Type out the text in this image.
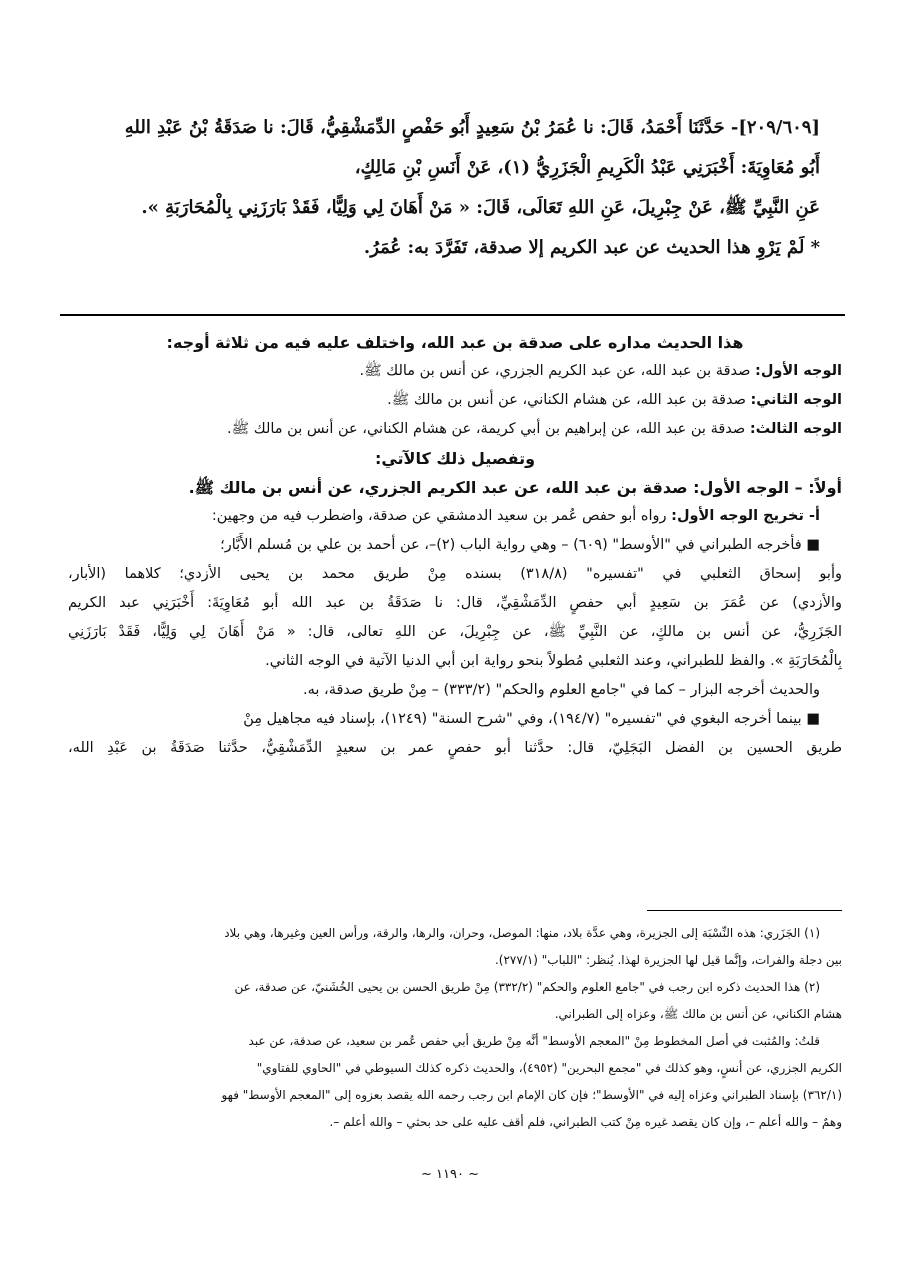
[٢٠٩/٦٠٩]- حَدَّثَنَا أَحْمَدُ، قَالَ: نا عُمَرُ بْنُ سَعِيدٍ أَبُو حَفْصٍ الدِّمَشْقِيُّ، قَالَ: نا صَدَقَةُ بْنُ عَبْدِ اللهِ

أَبُو مُعَاوِيَةَ: أَخْبَرَنِي عَبْدُ الْكَرِيمِ الْجَزَرِيُّ (١)، عَنْ أَنَسِ بْنِ مَالِكٍ،

عَنِ النَّبِيِّ ﷺ، عَنْ جِبْرِيلَ، عَنِ اللهِ تَعَالَى، قَالَ: « مَنْ أَهَانَ لِي وَلِيًّا، فَقَدْ بَارَزَنِي بِالْمُحَارَبَةِ ».

* لَمْ يَرْوِ هذا الحديث عن عبد الكريم إلا صدقة، تَفَرَّدَ به: عُمَرُ.

هذا الحديث مداره على صدقة بن عبد الله، واختلف عليه فيه من ثلاثة أوجه:

الوجه الأول: صدقة بن عبد الله، عن عبد الكريم الجزري، عن أنس بن مالك ﷺ.

الوجه الثاني: صدقة بن عبد الله، عن هشام الكناني، عن أنس بن مالك ﷺ.

الوجه الثالث: صدقة بن عبد الله، عن إبراهيم بن أبي كريمة، عن هشام الكناني، عن أنس بن مالك ﷺ.

وتفصيل ذلك كالآتي:

أولاً: – الوجه الأول: صدقة بن عبد الله، عن عبد الكريم الجزري، عن أنس بن مالك ﷺ.

أ- تخريج الوجه الأول: رواه أبو حفص عُمر بن سعيد الدمشقي عن صدقة، واضطرب فيه من وجهين:

■ فأخرجه الطبراني في "الأوسط" (٦٠٩) – وهي رواية الباب (٢)–، عن أحمد بن علي بن مُسلم الأَبَّار؛

وأبو إسحاق الثعلبي في "تفسيره" (٣١٨/٨) بسنده مِنْ طريق محمد بن يحيى الأزدي؛ كلاهما (الأبار،

والأزدي) عن عُمَرَ بن سَعِيدٍ أبي حفصٍ الدِّمَشْقِيِّ، قال: نا صَدَقَةُ بن عبد الله أبو مُعَاوِيَةَ: أَخْبَرَنِي عبد الكريم

الجَزَرِيُّ، عن أنس بن مالكٍ، عن النَّبِيِّ ﷺ، عن جِبْرِيلَ، عن اللهِ تعالى، قال: « مَنْ أَهَانَ لِي وَلِيًّا، فَقَدْ بَارَزَنِي

بِالْمُحَارَبَةِ ». والفظ للطبراني، وعند الثعلبي مُطولاً بنحو رواية ابن أبي الدنيا الآتية في الوجه الثاني.

والحديث أخرجه البزار – كما في "جامع العلوم والحكم" (٣٣٣/٢) – مِنْ طريق صدقة، به.

■ بينما أخرجه البغوي في "تفسيره" (١٩٤/٧)، وفي "شرح السنة" (١٢٤٩)، بإسناد فيه مجاهيل مِنْ

طريق الحسين بن الفضل البَجَلِيّ، قال: حدَّثنا أبو حفصٍ عمر بن سعيدٍ الدِّمَشْقِيُّ، حدَّثنا صَدَقَةُ بن عَبْدِ الله،

(١) الجَزَري: هذه النِّسْبَة إلى الجزيرة، وهي عدَّة بلاد، منها: الموصل، وحران، والرها، والرقة، ورأس العين وغيرها، وهي بلاد

بين دجلة والفرات، وإنَّما قيل لها الجزيرة لهذا. يُنظر: "اللباب" (٢٧٧/١).

(٢) هذا الحديث ذكره ابن رجب في "جامع العلوم والحكم" (٣٣٢/٢) مِنْ طريق الحسن بن يحيى الخُشَنيّ، عن صدقة، عن

هشام الكناني، عن أنس بن مالك ﷺ، وعزاه إلى الطبراني.

قلتُ: والمُثبت في أصل المخطوط مِنْ "المعجم الأوسط" أنَّه مِنْ طريق أبي حفص عُمر بن سعيد، عن صدقة، عن عبد

الكريم الجزري، عن أنسٍ، وهو كذلك في "مجمع البحرين" (٤٩٥٢)، والحديث ذكره كذلك السيوطي في "الحاوي للفتاوي"

(٣٦٢/١) بإسناد الطبراني وعزاه إليه في "الأوسط"؛ فإن كان الإمام ابن رجب رحمه الله يقصد بعزوه إلى "المعجم الأوسط" فهو

وهمٌ – والله أعلم –، وإن كان يقصد غيره مِنْ كتب الطبراني، فلم أقف عليه على حد بحثي – والله أعلم –.

~ ١١٩٠ ~
